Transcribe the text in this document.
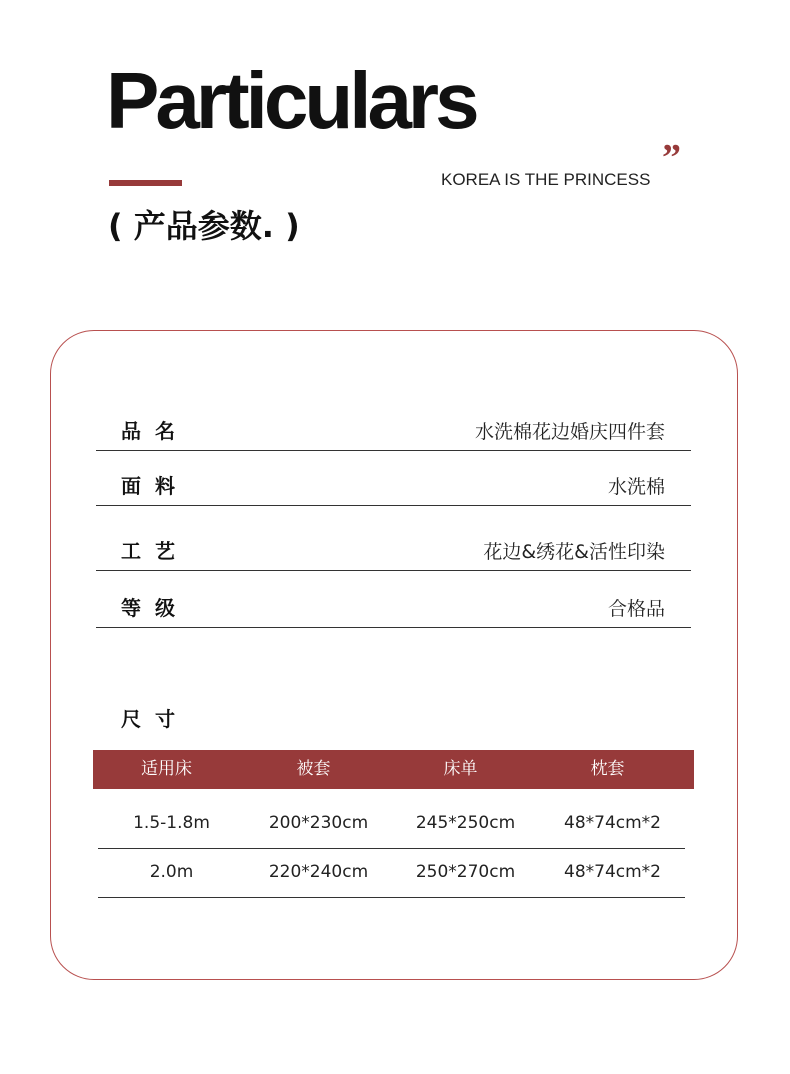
Particulars
”
KOREA IS THE PRINCESS
( 产品参数. )
品名	水洗棉花边婚庆四件套
面料	水洗棉
工艺	花边&绣花&活性印染
等级	合格品
尺寸
适用床	被套	床单	枕套
1.5-1.8m	200*230cm	245*250cm	48*74cm*2
2.0m	220*240cm	250*270cm	48*74cm*2
